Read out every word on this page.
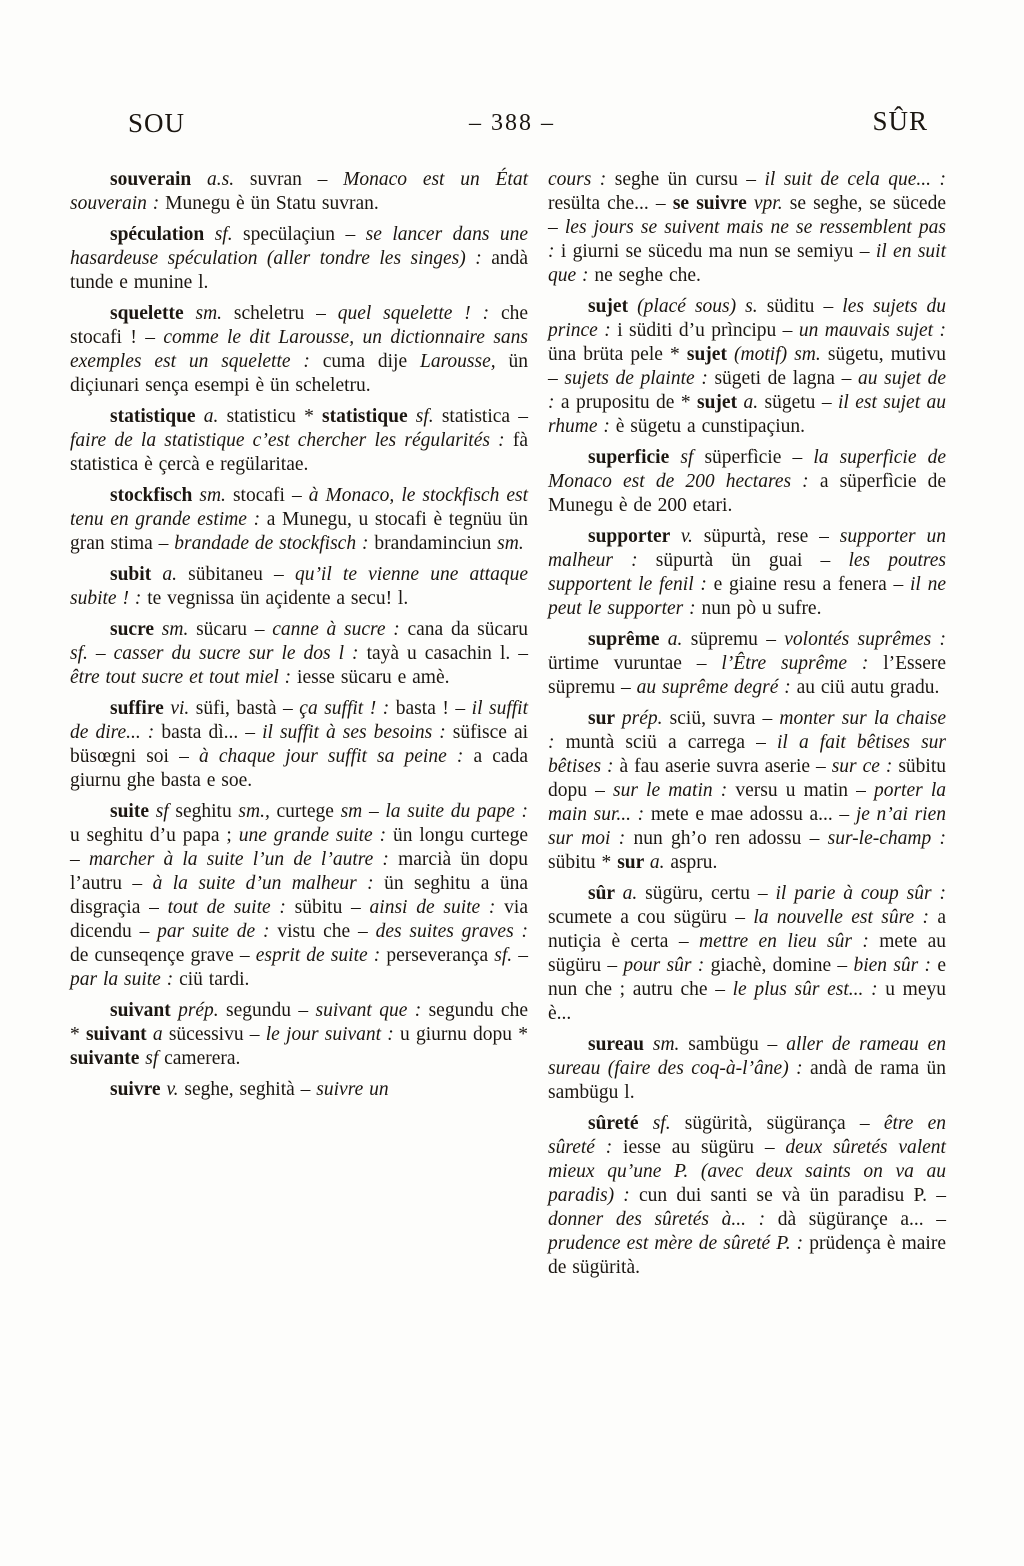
SOU	– 388 –	SÛR

souverain a.s. suvran – Monaco est un État souverain : Munegu è ün Statu suvran.

spéculation sf. specülaçiun – se lancer dans une hasardeuse spéculation (aller tondre les singes) : andà tunde e munine l.

squelette sm. scheletru – quel squelette ! : che stocafi ! – comme le dit Larousse, un dictionnaire sans exemples est un squelette : cuma dije Larousse, ün diçiunari sença esempi è ün scheletru.

statistique a. statisticu * statistique sf. statistica – faire de la statistique c’est chercher les régularités : fà statistica è çercà e regülaritae.

stockfisch sm. stocafi – à Monaco, le stockfisch est tenu en grande estime : a Munegu, u stocafi è tegnüu ün gran stima – brandade de stockfisch : brandaminciun sm.

subit a. sübitaneu – qu’il te vienne une attaque subite ! : te vegnissa ün açidente a secu! l.

sucre sm. sücaru – canne à sucre : cana da sücaru sf. – casser du sucre sur le dos l : tayà u casachin l. – être tout sucre et tout miel : iesse sücaru e amè.

suffire vi. süfi, bastà – ça suffit ! : basta ! – il suffit de dire... : basta dì... – il suffit à ses besoins : süfisce ai büsœgni soi – à chaque jour suffit sa peine : a cada giurnu ghe basta e soe.

suite sf seghitu sm., curtege sm – la suite du pape : u seghitu d’u papa ; une grande suite : ün longu curtege – marcher à la suite l’un de l’autre : marcià ün dopu l’autru – à la suite d’un malheur : ün seghitu a üna disgraçia – tout de suite : sübitu – ainsi de suite : via dicendu – par suite de : vistu che – des suites graves : de cunseqençe grave – esprit de suite : perseverança sf. – par la suite : ciü tardi.

suivant prép. segundu – suivant que : segundu che * suivant a sücessivu – le jour suivant : u giurnu dopu * suivante sf camerera.

suivre v. seghe, seghità – suivre un

cours : seghe ün cursu – il suit de cela que... : resülta che... – se suivre vpr. se seghe, se sücede – les jours se suivent mais ne se ressemblent pas : i giurni se sücedu ma nun se semiyu – il en suit que : ne seghe che.

sujet (placé sous) s. süditu – les sujets du prince : i süditi d’u prìncipu – un mauvais sujet : üna brüta pele * sujet (motif) sm. sügetu, mutivu – sujets de plainte : sügeti de lagna – au sujet de : a prupositu de * sujet a. sügetu – il est sujet au rhume : è sügetu a cunstipaçiun.

superficie sf süperfìcie – la superficie de Monaco est de 200 hectares : a süperfìcie de Munegu è de 200 etari.

supporter v. süpurtà, rese – supporter un malheur : süpurtà ün guai – les poutres supportent le fenil : e giaine resu a fenera – il ne peut le supporter : nun pò u sufre.

suprême a. süpremu – volontés suprêmes : ürtime vuruntae – l’Être suprême : l’Essere süpremu – au suprême degré : au ciü autu gradu.

sur prép. sciü, suvra – monter sur la chaise : muntà sciü a carrega – il a fait bêtises sur bêtises : à fau aserie suvra aserie – sur ce : sübitu dopu – sur le matin : versu u matin – porter la main sur... : mete e mae adossu a... – je n’ai rien sur moi : nun gh’o ren adossu – sur-le-champ : sübitu * sur a. aspru.

sûr a. sügüru, certu – il parie à coup sûr : scumete a cou sügüru – la nouvelle est sûre : a nutiçia è certa – mettre en lieu sûr : mete au sügüru – pour sûr : giachè, domine – bien sûr : e nun che ; autru che – le plus sûr est... : u meyu è...

sureau sm. sambügu – aller de rameau en sureau (faire des coq-à-l’âne) : andà de rama ün sambügu l.

sûreté sf. sügürità, sügürança – être en sûreté : iesse au sügüru – deux sûretés valent mieux qu’une P. (avec deux saints on va au paradis) : cun dui santi se và ün paradisu P. – donner des sûretés à... : dà sügürançe a... – prudence est mère de sûreté P. : prüdença è maire de sügürità.
